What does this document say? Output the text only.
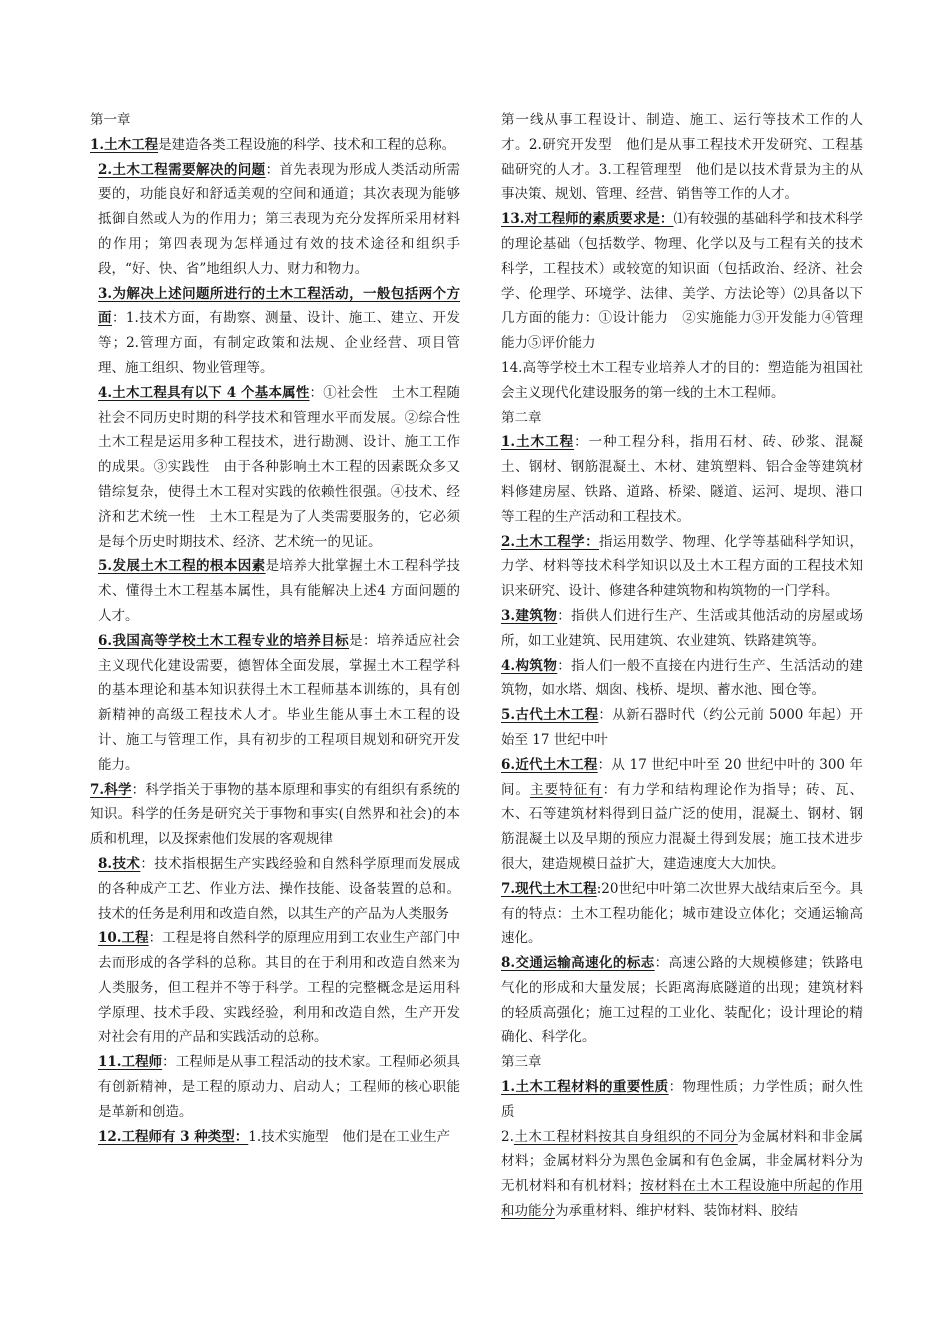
第一章

1.土木工程是建造各类工程设施的科学、技术和工程的总称。

2.土木工程需要解决的问题：首先表现为形成人类活动所需要的，功能良好和舒适美观的空间和通道；其次表现为能够抵御自然或人为的作用力；第三表现为充分发挥所采用材料的作用；第四表现为怎样通过有效的技术途径和组织手段，“好、快、省”地组织人力、财力和物力。

3.为解决上述问题所进行的土木工程活动，一般包括两个方面：1.技术方面，有勘察、测量、设计、施工、建立、开发等；2.管理方面，有制定政策和法规、企业经营、项目管理、施工组织、物业管理等。

4.土木工程具有以下 4 个基本属性：①社会性　土木工程随社会不同历史时期的科学技术和管理水平而发展。②综合性　土木工程是运用多种工程技术，进行勘测、设计、施工工作的成果。③实践性　由于各种影响土木工程的因素既众多又错综复杂，使得土木工程对实践的依赖性很强。④技术、经济和艺术统一性　土木工程是为了人类需要服务的，它必须是每个历史时期技术、经济、艺术统一的见证。

5.发展土木工程的根本因素是培养大批掌握土木工程科学技术、懂得土木工程基本属性，具有能解决上述4 方面问题的人才。

6.我国高等学校土木工程专业的培养目标是：培养适应社会主义现代化建设需要，德智体全面发展，掌握土木工程学科的基本理论和基本知识获得土木工程师基本训练的，具有创新精神的高级工程技术人才。毕业生能从事土木工程的设计、施工与管理工作，具有初步的工程项目规划和研究开发能力。

7.科学：科学指关于事物的基本原理和事实的有组织有系统的知识。科学的任务是研究关于事物和事实(自然界和社会)的本质和机理，以及探索他们发展的客观规律

8.技术：技术指根据生产实践经验和自然科学原理而发展成的各种成产工艺、作业方法、操作技能、设备装置的总和。技术的任务是利用和改造自然，以其生产的产品为人类服务

10.工程：工程是将自然科学的原理应用到工农业生产部门中去而形成的各学科的总称。其目的在于利用和改造自然来为人类服务，但工程并不等于科学。工程的完整概念是运用科学原理、技术手段、实践经验，利用和改造自然，生产开发对社会有用的产品和实践活动的总称。

11.工程师：工程师是从事工程活动的技术家。工程师必须具有创新精神，是工程的原动力、启动人；工程师的核心职能是革新和创造。

12.工程师有 3 种类型：1.技术实施型　他们是在工业生产

第一线从事工程设计、制造、施工、运行等技术工作的人才。2.研究开发型　他们是从事工程技术开发研究、工程基础研究的人才。3.工程管理型　他们是以技术背景为主的从事决策、规划、管理、经营、销售等工作的人才。

13.对工程师的素质要求是：⑴有较强的基础科学和技术科学的理论基础（包括数学、物理、化学以及与工程有关的技术科学，工程技术）或较宽的知识面（包括政治、经济、社会学、伦理学、环境学、法律、美学、方法论等）⑵具备以下几方面的能力：①设计能力　②实施能力③开发能力④管理能力⑤评价能力

14.高等学校土木工程专业培养人才的目的：塑造能为祖国社会主义现代化建设服务的第一线的土木工程师。

第二章

1.土木工程：一种工程分科，指用石材、砖、砂浆、混凝土、钢材、钢筋混凝土、木材、建筑塑料、铝合金等建筑材料修建房屋、铁路、道路、桥梁、隧道、运河、堤坝、港口等工程的生产活动和工程技术。

2.土木工程学：指运用数学、物理、化学等基础科学知识，力学、材料等技术科学知识以及土木工程方面的工程技术知识来研究、设计、修建各种建筑物和构筑物的一门学科。

3.建筑物：指供人们进行生产、生活或其他活动的房屋或场所，如工业建筑、民用建筑、农业建筑、铁路建筑等。

4.构筑物：指人们一般不直接在内进行生产、生活活动的建筑物，如水塔、烟囱、栈桥、堤坝、蓄水池、囤仓等。

5.古代土木工程：从新石器时代（约公元前 5000 年起）开始至 17 世纪中叶

6.近代土木工程：从 17 世纪中叶至 20 世纪中叶的 300 年间。主要特征有：有力学和结构理论作为指导；砖、瓦、木、石等建筑材料得到日益广泛的使用，混凝土、钢材、钢筋混凝土以及早期的预应力混凝土得到发展；施工技术进步很大，建造规模日益扩大，建造速度大大加快。

7.现代土木工程:20世纪中叶第二次世界大战结束后至今。具有的特点：土木工程功能化；城市建设立体化；交通运输高速化。

8.交通运输高速化的标志：高速公路的大规模修建；铁路电气化的形成和大量发展；长距离海底隧道的出现；建筑材料的轻质高强化；施工过程的工业化、装配化；设计理论的精确化、科学化。

第三章

1.土木工程材料的重要性质：物理性质；力学性质；耐久性质

2.土木工程材料按其自身组织的不同分为金属材料和非金属材料；金属材料分为黑色金属和有色金属，非金属材料分为无机材料和有机材料；按材料在土木工程设施中所起的作用和功能分为承重材料、维护材料、装饰材料、胶结
